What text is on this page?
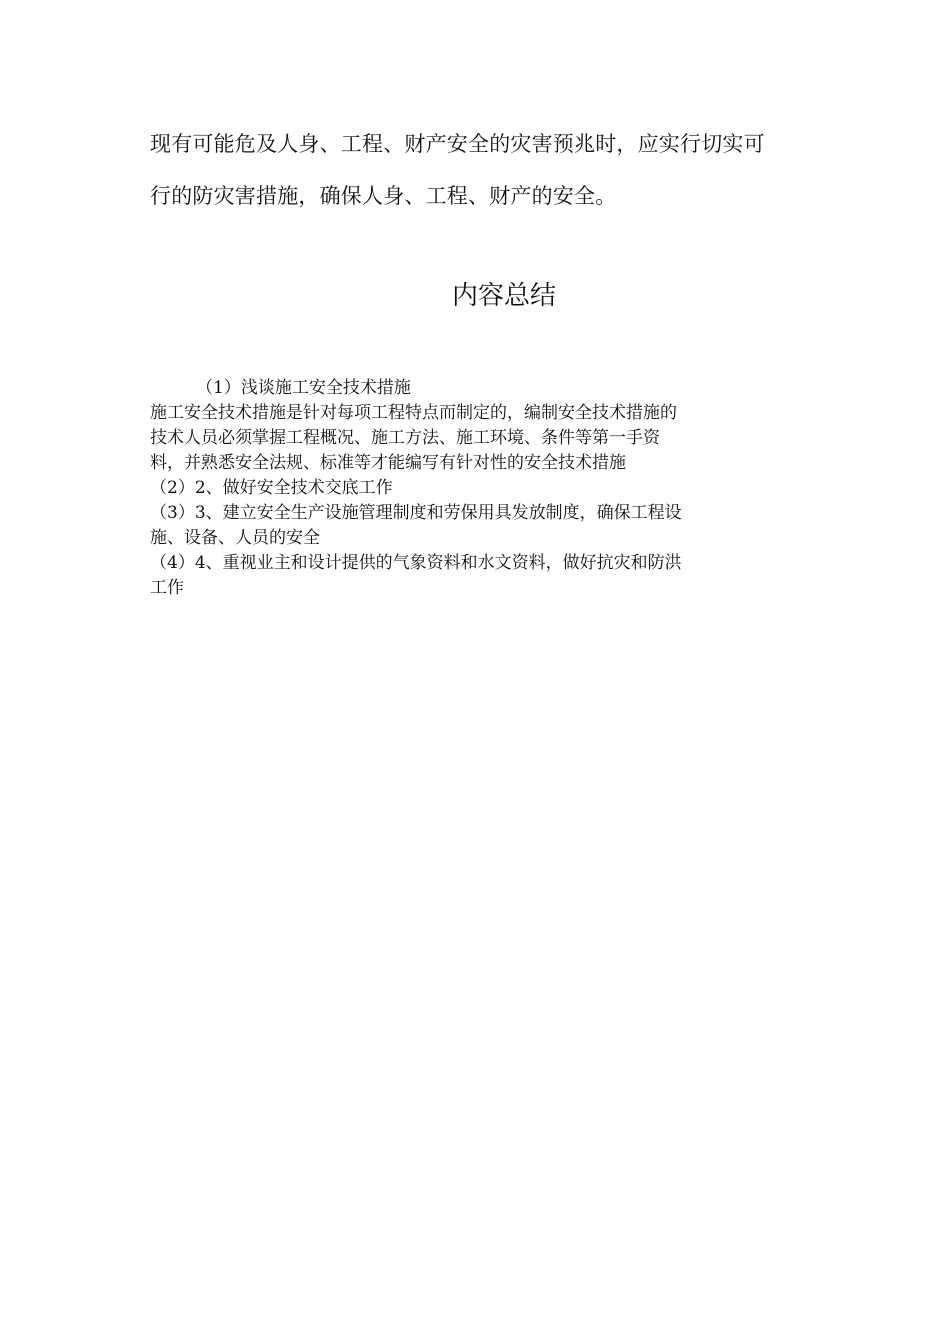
现有可能危及人身、工程、财产安全的灾害预兆时，应实行切实可
行的防灾害措施，确保人身、工程、财产的安全。

内容总结
（1）浅谈施工安全技术措施
施工安全技术措施是针对每项工程特点而制定的，编制安全技术措施的
技术人员必须掌握工程概况、施工方法、施工环境、条件等第一手资
料，并熟悉安全法规、标准等才能编写有针对性的安全技术措施
（2）2、做好安全技术交底工作
（3）3、建立安全生产设施管理制度和劳保用具发放制度，确保工程设
施、设备、人员的安全
（4）4、重视业主和设计提供的气象资料和水文资料，做好抗灾和防洪
工作
